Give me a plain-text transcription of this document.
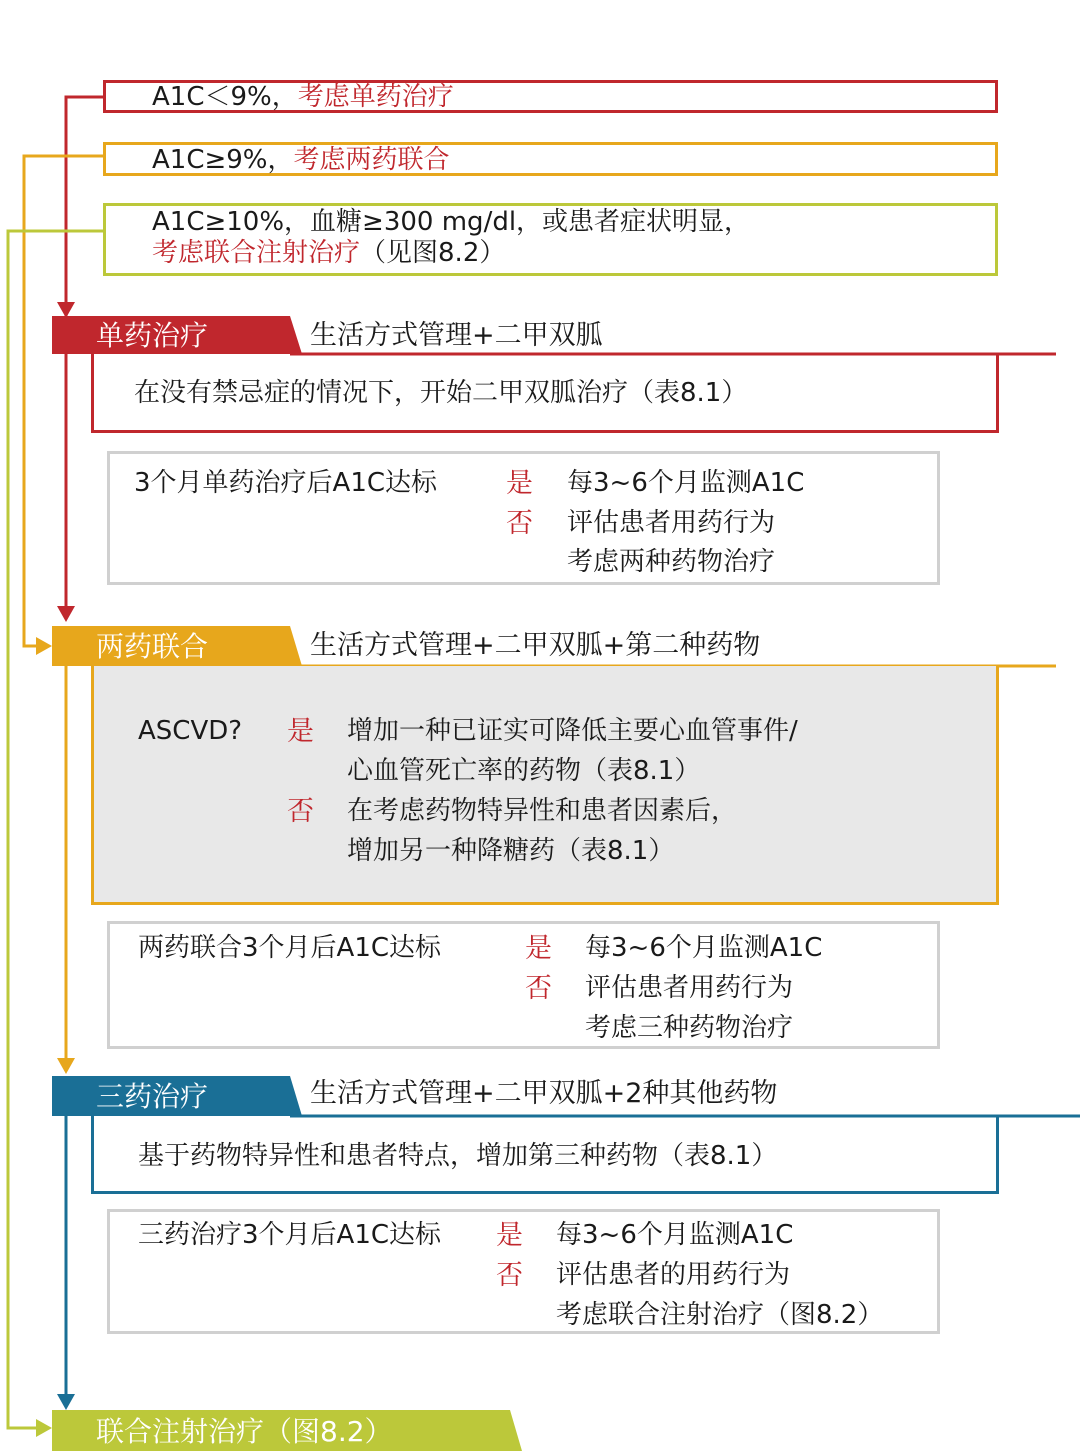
A1C＜9%，考虑单药治疗
A1C≥9%，考虑两药联合
A1C≥10%，血糖≥300 mg/dl，或患者症状明显，
考虑联合注射治疗（见图8.2）
单药治疗	生活方式管理+二甲双胍
在没有禁忌症的情况下，开始二甲双胍治疗（表8.1）
3个月单药治疗后A1C达标	是 每3~6个月监测A1C
否 评估患者用药行为
考虑两种药物治疗
两药联合	生活方式管理+二甲双胍+第二种药物
ASCVD? 是 增加一种已证实可降低主要心血管事件/
心血管死亡率的药物（表8.1）
否 在考虑药物特异性和患者因素后，
增加另一种降糖药（表8.1）
两药联合3个月后A1C达标	是 每3~6个月监测A1C
否 评估患者用药行为
考虑三种药物治疗
三药治疗	生活方式管理+二甲双胍+2种其他药物
基于药物特异性和患者特点，增加第三种药物（表8.1）
三药治疗3个月后A1C达标 是 每3~6个月监测A1C
否 评估患者的用药行为
考虑联合注射治疗（图8.2）
联合注射治疗（图8.2）
